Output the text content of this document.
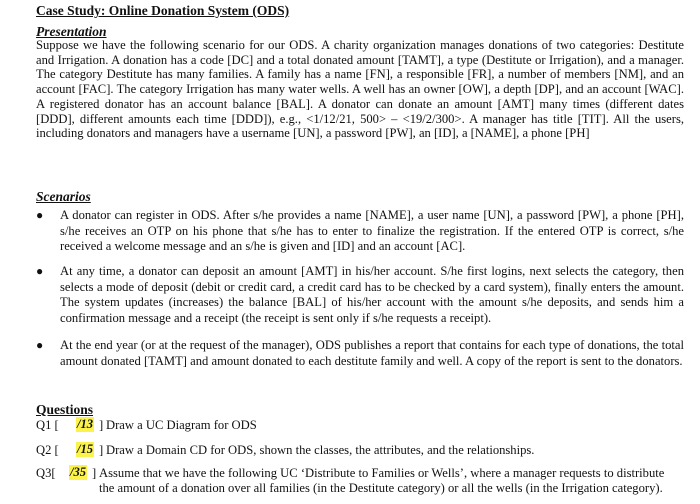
Case Study: Online Donation System (ODS)
Presentation
Suppose we have the following scenario for our ODS. A charity organization manages donations of two categories: Destitute and Irrigation. A donation has a code [DC] and a total donated amount [TAMT], a type (Destitute or Irrigation), and a manager. The category Destitute has many families. A family has a name [FN], a responsible [FR], a number of members [NM], and an account [FAC]. The category Irrigation has many water wells. A well has an owner [OW], a depth [DP], and an account [WAC]. A registered donator has an account balance [BAL]. A donator can donate an amount [AMT] many times (different dates [DDD], different amounts each time [DDD]), e.g., <1/12/21, 500> – <19/2/300>. A manager has title [TIT]. All the users, including donators and managers have a username [UN], a password [PW], an [ID], a [NAME], a phone [PH]
Scenarios
●	A donator can register in ODS. After s/he provides a name [NAME], a user name [UN], a password [PW], a phone [PH], s/he receives an OTP on his phone that s/he has to enter to finalize the registration. If the entered OTP is correct, s/he received a welcome message and an s/he is given and [ID] and an account [AC].
●	At any time, a donator can deposit an amount [AMT] in his/her account. S/he first logins, next selects the category, then selects a mode of deposit (debit or credit card, a credit card has to be checked by a card system), finally enters the amount. The system updates (increases) the balance [BAL] of his/her account with the amount s/he deposits, and sends him a confirmation message and a receipt (the receipt is sent only if s/he requests a receipt).
●	At the end year (or at the request of the manager), ODS publishes a report that contains for each type of donations, the total amount donated [TAMT] and amount donated to each destitute family and well. A copy of the report is sent to the donators.
Questions
Q1 [ /13 ] Draw a UC Diagram for ODS
Q2 [ /15 ] Draw a Domain CD for ODS, shown the classes, the attributes, and the relationships.
Q3[ /35 ] Assume that we have the following UC ‘Distribute to Families or Wells’, where a manager requests to distribute
the amount of a donation over all families (in the Destitute category) or all the wells (in the Irrigation category).
